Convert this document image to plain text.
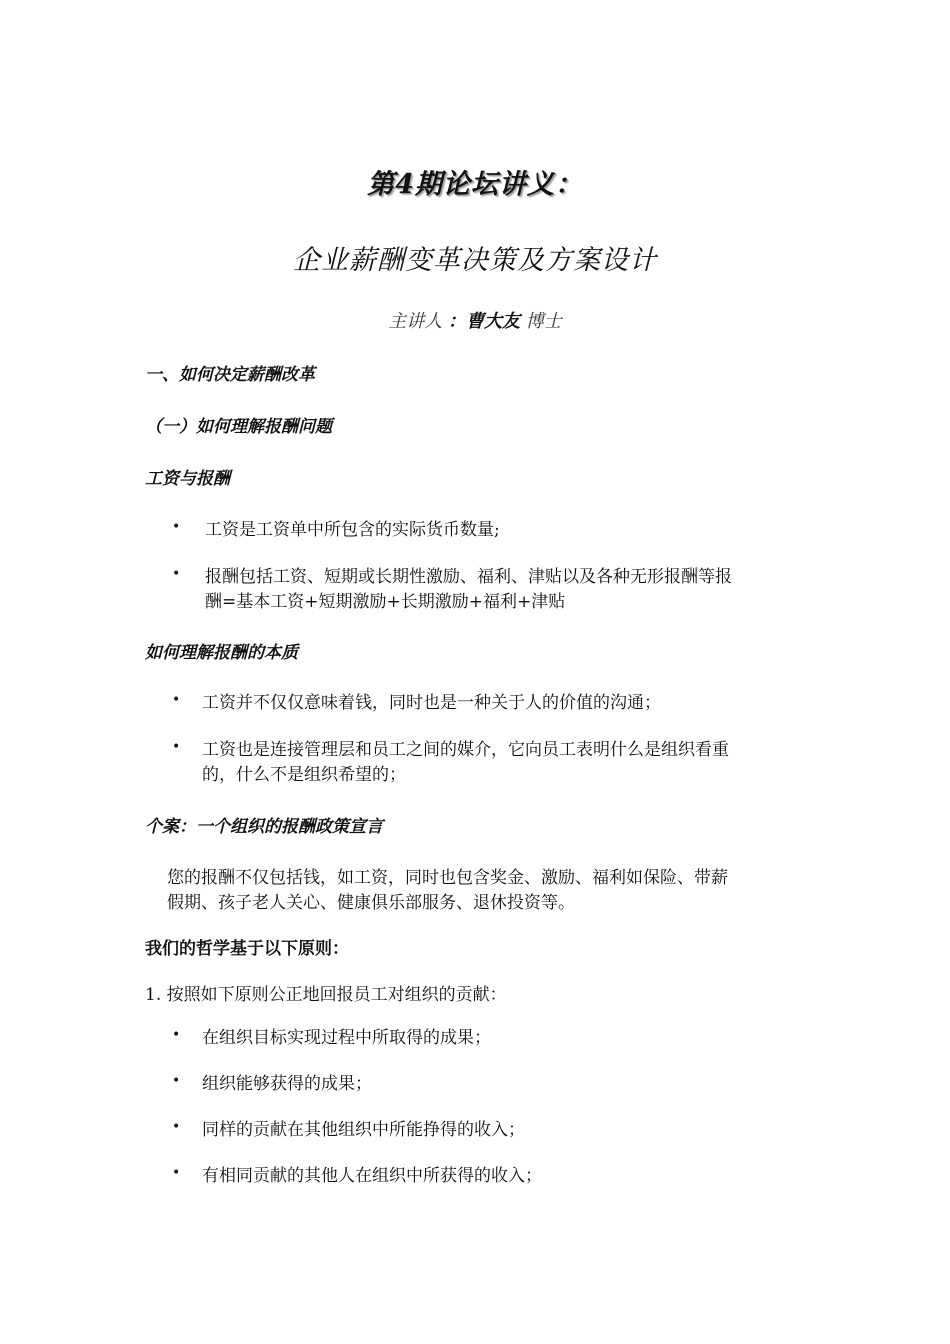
第4期论坛讲义：
企业薪酬变革决策及方案设计
主讲人 ：曹大友 博士
一、如何决定薪酬改革
（一）如何理解报酬问题
工资与报酬
• 工资是工资单中所包含的实际货币数量;
• 报酬包括工资、短期或长期性激励、福利、津贴以及各种无形报酬等报
酬=基本工资+短期激励+长期激励+福利+津贴
如何理解报酬的本质
• 工资并不仅仅意味着钱，同时也是一种关于人的价值的沟通；
• 工资也是连接管理层和员工之间的媒介，它向员工表明什么是组织看重
的，什么不是组织希望的；
个案：一个组织的报酬政策宣言
您的报酬不仅包括钱，如工资，同时也包含奖金、激励、福利如保险、带薪
假期、孩子老人关心、健康俱乐部服务、退休投资等。
我们的哲学基于以下原则：
1. 按照如下原则公正地回报员工对组织的贡献：
• 在组织目标实现过程中所取得的成果；
• 组织能够获得的成果；
• 同样的贡献在其他组织中所能挣得的收入；
• 有相同贡献的其他人在组织中所获得的收入；
